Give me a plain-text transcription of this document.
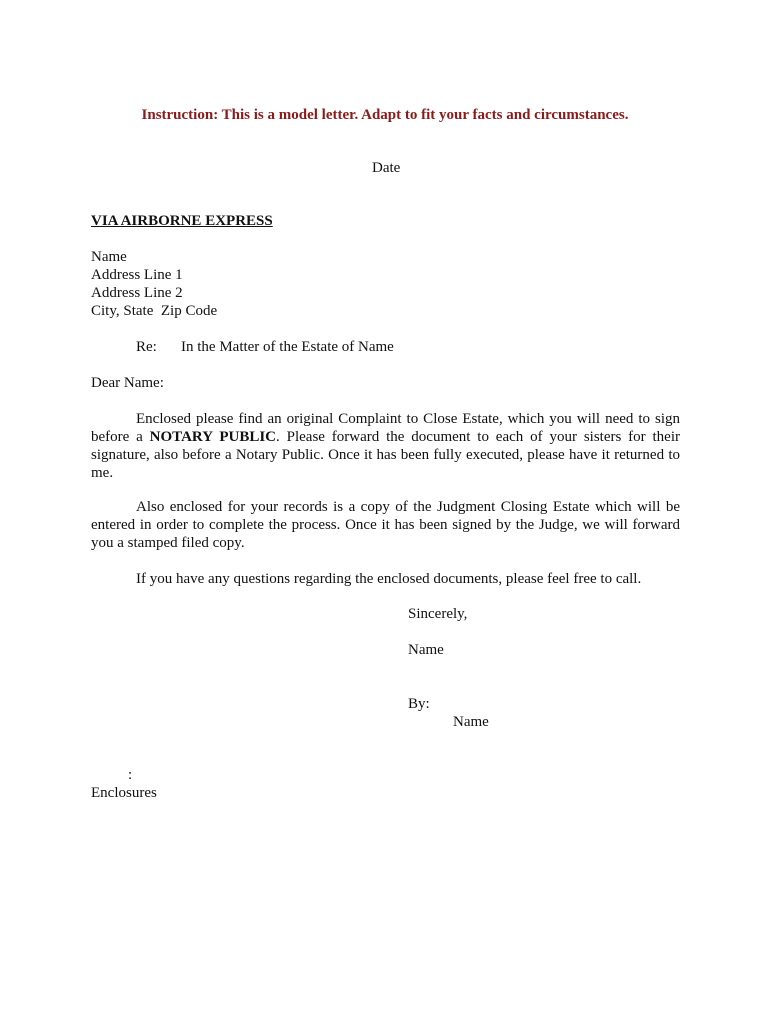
Instruction: This is a model letter. Adapt to fit your facts and circumstances.
Date
VIA AIRBORNE EXPRESS
Name
Address Line 1
Address Line 2
City, State  Zip Code
Re: In the Matter of the Estate of Name
Dear Name:

Enclosed please find an original Complaint to Close Estate, which you will need to sign before a NOTARY PUBLIC. Please forward the document to each of your sisters for their signature, also before a Notary Public. Once it has been fully executed, please have it returned to me.

Also enclosed for your records is a copy of the Judgment Closing Estate which will be entered in order to complete the process. Once it has been signed by the Judge, we will forward you a stamped filed copy.

If you have any questions regarding the enclosed documents, please feel free to call.

Sincerely,
Name
By:
Name
:
Enclosures
